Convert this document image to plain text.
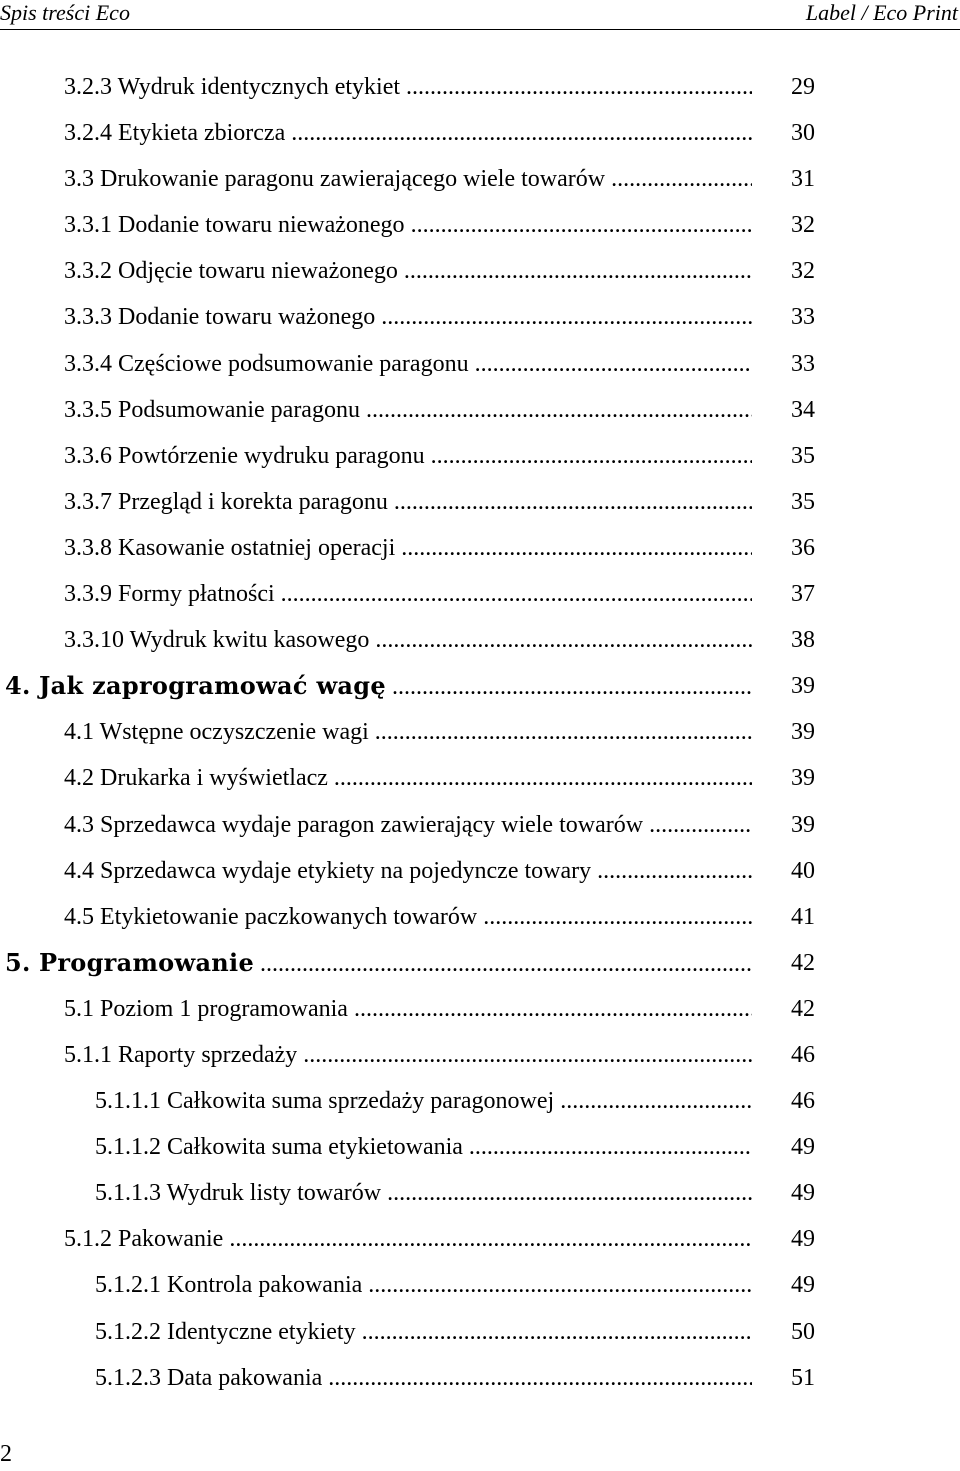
Spis treści Eco	Label / Eco Print
3.2.3 Wydruk identycznych etykiet .....	29
3.2.4 Etykieta zbiorcza .....	30
3.3 Drukowanie paragonu zawierającego wiele towarów .....	31
3.3.1 Dodanie towaru nieważonego .....	32
3.3.2 Odjęcie towaru nieważonego .....	32
3.3.3 Dodanie towaru ważonego .....	33
3.3.4 Częściowe podsumowanie paragonu .....	33
3.3.5 Podsumowanie paragonu .....	34
3.3.6 Powtórzenie wydruku paragonu .....	35
3.3.7 Przegląd i korekta paragonu .....	35
3.3.8 Kasowanie ostatniej operacji .....	36
3.3.9 Formy płatności .....	37
3.3.10 Wydruk kwitu kasowego .....	38
4. Jak zaprogramować wagę .....	39
4.1 Wstępne oczyszczenie wagi .....	39
4.2 Drukarka i wyświetlacz .....	39
4.3 Sprzedawca wydaje paragon zawierający wiele towarów .....	39
4.4 Sprzedawca wydaje etykiety na pojedyncze towary .....	40
4.5 Etykietowanie paczkowanych towarów .....	41
5. Programowanie .....	42
5.1 Poziom 1 programowania .....	42
5.1.1 Raporty sprzedaży .....	46
5.1.1.1 Całkowita suma sprzedaży paragonowej .....	46
5.1.1.2 Całkowita suma etykietowania .....	49
5.1.1.3 Wydruk listy towarów .....	49
5.1.2 Pakowanie .....	49
5.1.2.1 Kontrola pakowania .....	49
5.1.2.2 Identyczne etykiety .....	50
5.1.2.3 Data pakowania .....	51
2
